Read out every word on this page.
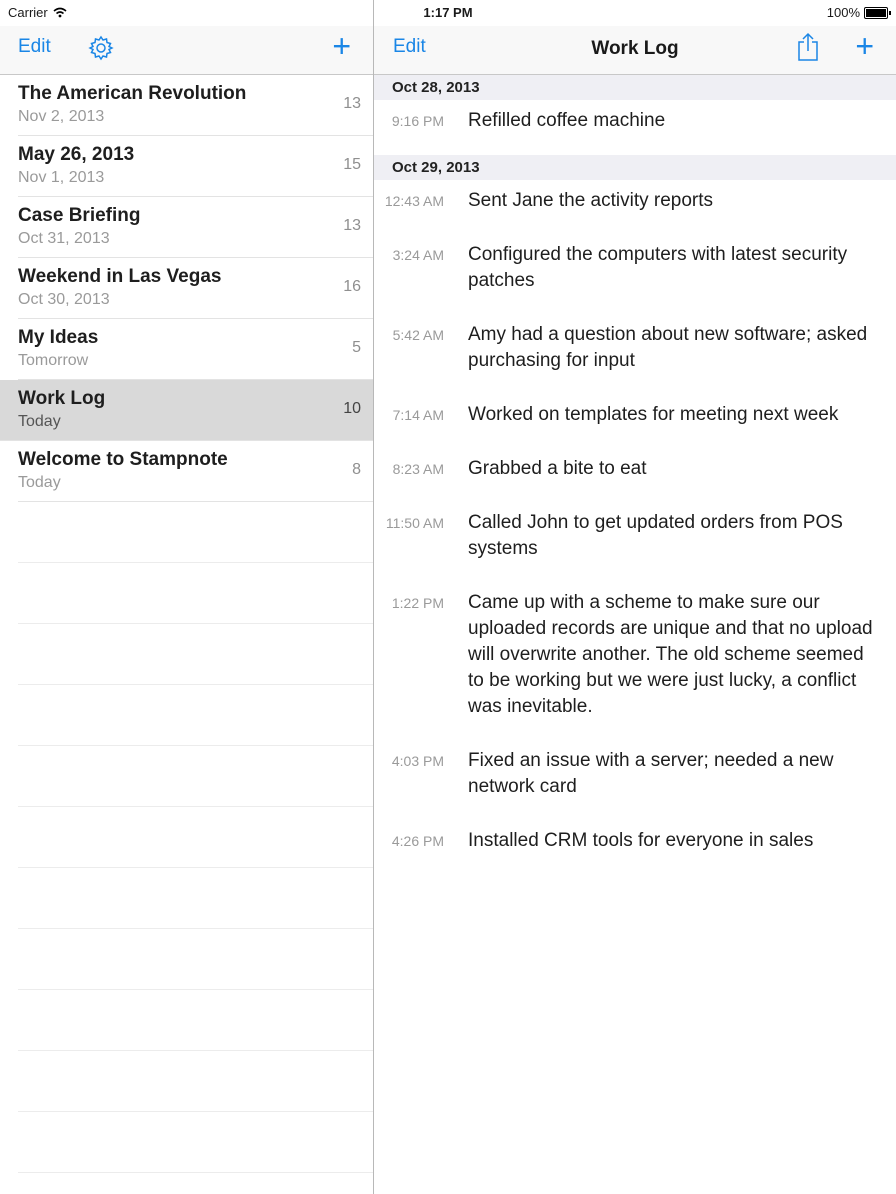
Carrier	1:17 PM	100%
Edit	+
The American Revolution
Nov 2, 2013
13
May 26, 2013
Nov 1, 2013
15
Case Briefing
Oct 31, 2013
13
Weekend in Las Vegas
Oct 30, 2013
16
My Ideas
Tomorrow
5
Work Log
Today
10
Welcome to Stampnote
Today
8
Edit	Work Log	+
Oct 28, 2013
9:16 PM	Refilled coffee machine
Oct 29, 2013
12:43 AM	Sent Jane the activity reports
3:24 AM	Configured the computers with latest security patches
5:42 AM	Amy had a question about new software; asked purchasing for input
7:14 AM	Worked on templates for meeting next week
8:23 AM	Grabbed a bite to eat
11:50 AM	Called John to get updated orders from POS systems
1:22 PM	Came up with a scheme to make sure our uploaded records are unique and that no upload will overwrite another. The old scheme seemed to be working but we were just lucky, a conflict was inevitable.
4:03 PM	Fixed an issue with a server; needed a new network card
4:26 PM	Installed CRM tools for everyone in sales
